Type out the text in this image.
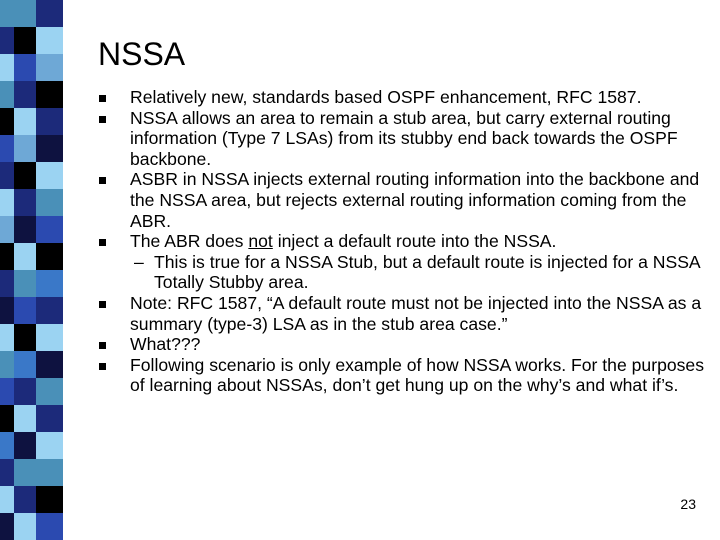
NSSA
Relatively new, standards based OSPF enhancement, RFC 1587.
NSSA allows an area to remain a stub area, but carry external routing information (Type 7 LSAs) from its stubby end back towards the OSPF backbone.
ASBR in NSSA injects external routing information into the backbone and the NSSA area, but rejects external routing information coming from the ABR.
The ABR does not inject a default route into the NSSA.
– This is true for a NSSA Stub, but a default route is injected for a NSSA Totally Stubby area.
Note: RFC 1587, “A default route must not be injected into the NSSA as a summary (type-3) LSA as in the stub area case.”
What???
Following scenario is only example of how NSSA works. For the purposes of learning about NSSAs, don’t get hung up on the why’s and what if’s.
23
